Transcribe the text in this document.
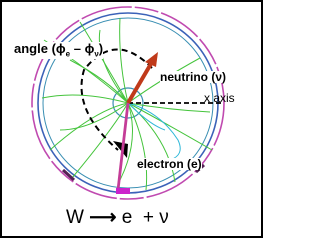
angle $(\phi_e - \phi_\nu)$
neutrino (ν)
x axis
electron (e)
W ⟶ e  + ν
